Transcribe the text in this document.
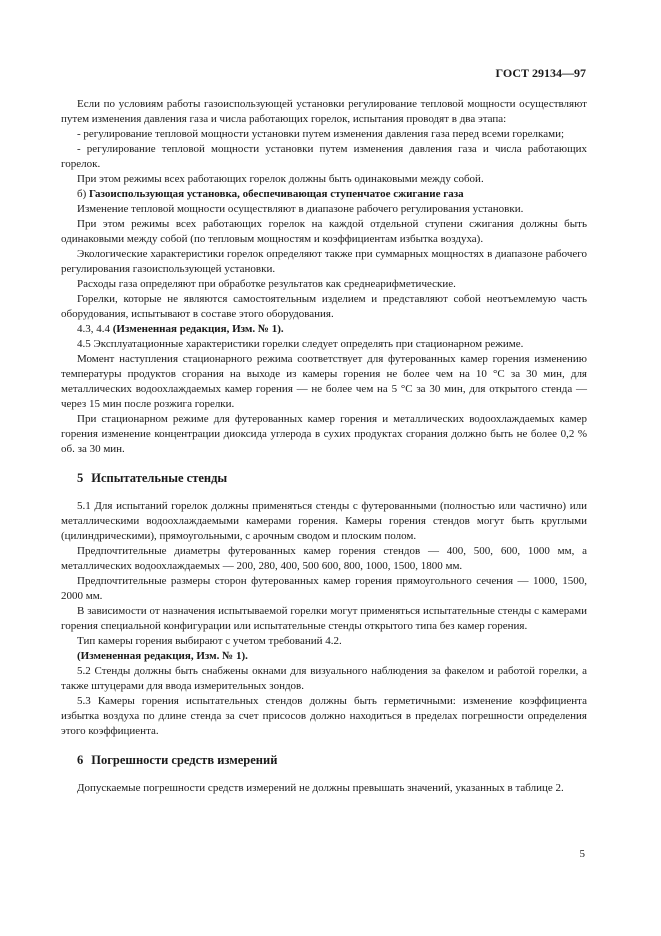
ГОСТ 29134—97

Если по условиям работы газоиспользующей установки регулирование тепловой мощности осуществляют путем изменения давления газа и числа работающих горелок, испытания проводят в два этапа:

- регулирование тепловой мощности установки путем изменения давления газа перед всеми горелками;

- регулирование тепловой мощности установки путем изменения давления газа и числа работающих горелок.

При этом режимы всех работающих горелок должны быть одинаковыми между собой.

б) Газоиспользующая установка, обеспечивающая ступенчатое сжигание газа

Изменение тепловой мощности осуществляют в диапазоне рабочего регулирования установки.

При этом режимы всех работающих горелок на каждой отдельной ступени сжигания должны быть одинаковыми между собой (по тепловым мощностям и коэффициентам избытка воздуха).

Экологические характеристики горелок определяют также при суммарных мощностях в диапазоне рабочего регулирования газоиспользующей установки.

Расходы газа определяют при обработке результатов как среднеарифметические.

Горелки, которые не являются самостоятельным изделием и представляют собой неотъемлемую часть оборудования, испытывают в составе этого оборудования.

4.3, 4.4 (Измененная редакция, Изм. № 1).

4.5 Эксплуатационные характеристики горелки следует определять при стационарном режиме.

Момент наступления стационарного режима соответствует для футерованных камер горения изменению температуры продуктов сгорания на выходе из камеры горения не более чем на 10 °С за 30 мин, для металлических водоохлаждаемых камер горения — не более чем на 5 °С за 30 мин, для открытого стенда — через 15 мин после розжига горелки.

При стационарном режиме для футерованных камер горения и металлических водоохлаждаемых камер горения изменение концентрации диоксида углерода в сухих продуктах сгорания должно быть не более 0,2 % об. за 30 мин.

5 Испытательные стенды

5.1 Для испытаний горелок должны применяться стенды с футерованными (полностью или частично) или металлическими водоохлаждаемыми камерами горения. Камеры горения стендов могут быть круглыми (цилиндрическими), прямоугольными, с арочным сводом и плоским полом.

Предпочтительные диаметры футерованных камер горения стендов — 400, 500, 600, 1000 мм, а металлических водоохлаждаемых — 200, 280, 400, 500 600, 800, 1000, 1500, 1800 мм.

Предпочтительные размеры сторон футерованных камер горения прямоугольного сечения — 1000, 1500, 2000 мм.

В зависимости от назначения испытываемой горелки могут применяться испытательные стенды с камерами горения специальной конфигурации или испытательные стенды открытого типа без камер горения.

Тип камеры горения выбирают с учетом требований 4.2.

(Измененная редакция, Изм. № 1).

5.2 Стенды должны быть снабжены окнами для визуального наблюдения за факелом и работой горелки, а также штуцерами для ввода измерительных зондов.

5.3 Камеры горения испытательных стендов должны быть герметичными: изменение коэффициента избытка воздуха по длине стенда за счет присосов должно находиться в пределах погрешности определения этого коэффициента.

6 Погрешности средств измерений

Допускаемые погрешности средств измерений не должны превышать значений, указанных в таблице 2.

5
